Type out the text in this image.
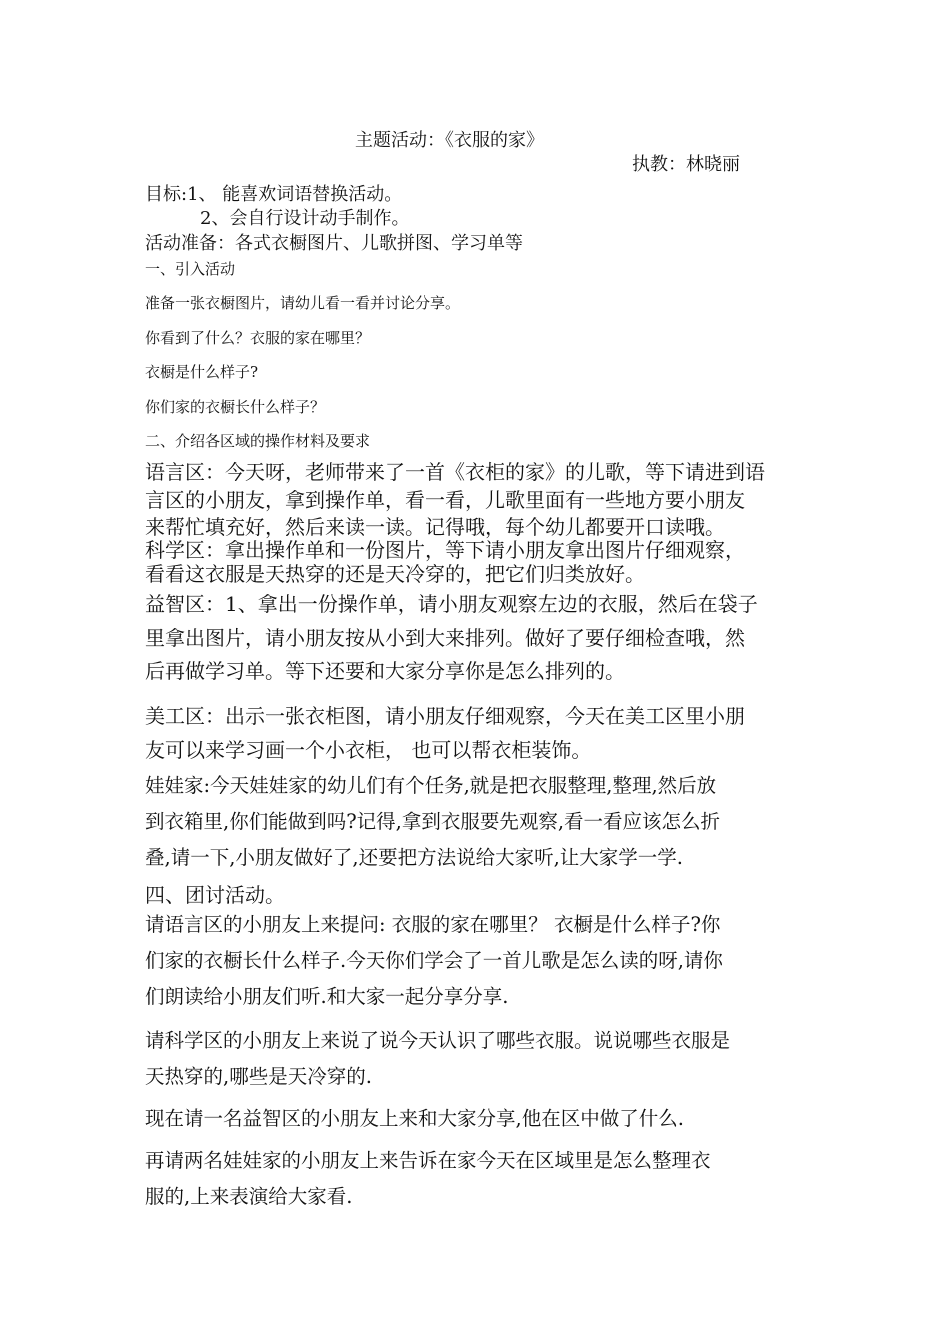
主题活动：《衣服的家》

执教：林晓丽

目标:1、 能喜欢词语替换活动。

2、会自行设计动手制作。

活动准备：各式衣橱图片、儿歌拼图、学习单等

一、引入活动

准备一张衣橱图片，请幼儿看一看并讨论分享。

你看到了什么？衣服的家在哪里？

衣橱是什么样子?

你们家的衣橱长什么样子？

二、介绍各区域的操作材料及要求

语言区：今天呀，老师带来了一首《衣柜的家》的儿歌，等下请进到语

言区的小朋友，拿到操作单，看一看，儿歌里面有一些地方要小朋友

来帮忙填充好，然后来读一读。记得哦，每个幼儿都要开口读哦。

科学区：拿出操作单和一份图片，等下请小朋友拿出图片仔细观察，

看看这衣服是天热穿的还是天冷穿的，把它们归类放好。

益智区：1、拿出一份操作单，请小朋友观察左边的衣服，然后在袋子

里拿出图片，请小朋友按从小到大来排列。做好了要仔细检查哦，然

后再做学习单。等下还要和大家分享你是怎么排列的。

美工区：出示一张衣柜图，请小朋友仔细观察，今天在美工区里小朋

友可以来学习画一个小衣柜， 也可以帮衣柜装饰。

娃娃家:今天娃娃家的幼儿们有个任务,就是把衣服整理,整理,然后放

到衣箱里,你们能做到吗?记得,拿到衣服要先观察,看一看应该怎么折

叠,请一下,小朋友做好了,还要把方法说给大家听,让大家学一学.

四、团讨活动。

请语言区的小朋友上来提问: 衣服的家在哪里？ 衣橱是什么样子?你

们家的衣橱长什么样子.今天你们学会了一首儿歌是怎么读的呀,请你

们朗读给小朋友们听.和大家一起分享分享.

请科学区的小朋友上来说了说今天认识了哪些衣服。说说哪些衣服是

天热穿的,哪些是天冷穿的.

现在请一名益智区的小朋友上来和大家分享,他在区中做了什么.

再请两名娃娃家的小朋友上来告诉在家今天在区域里是怎么整理衣

服的,上来表演给大家看.
